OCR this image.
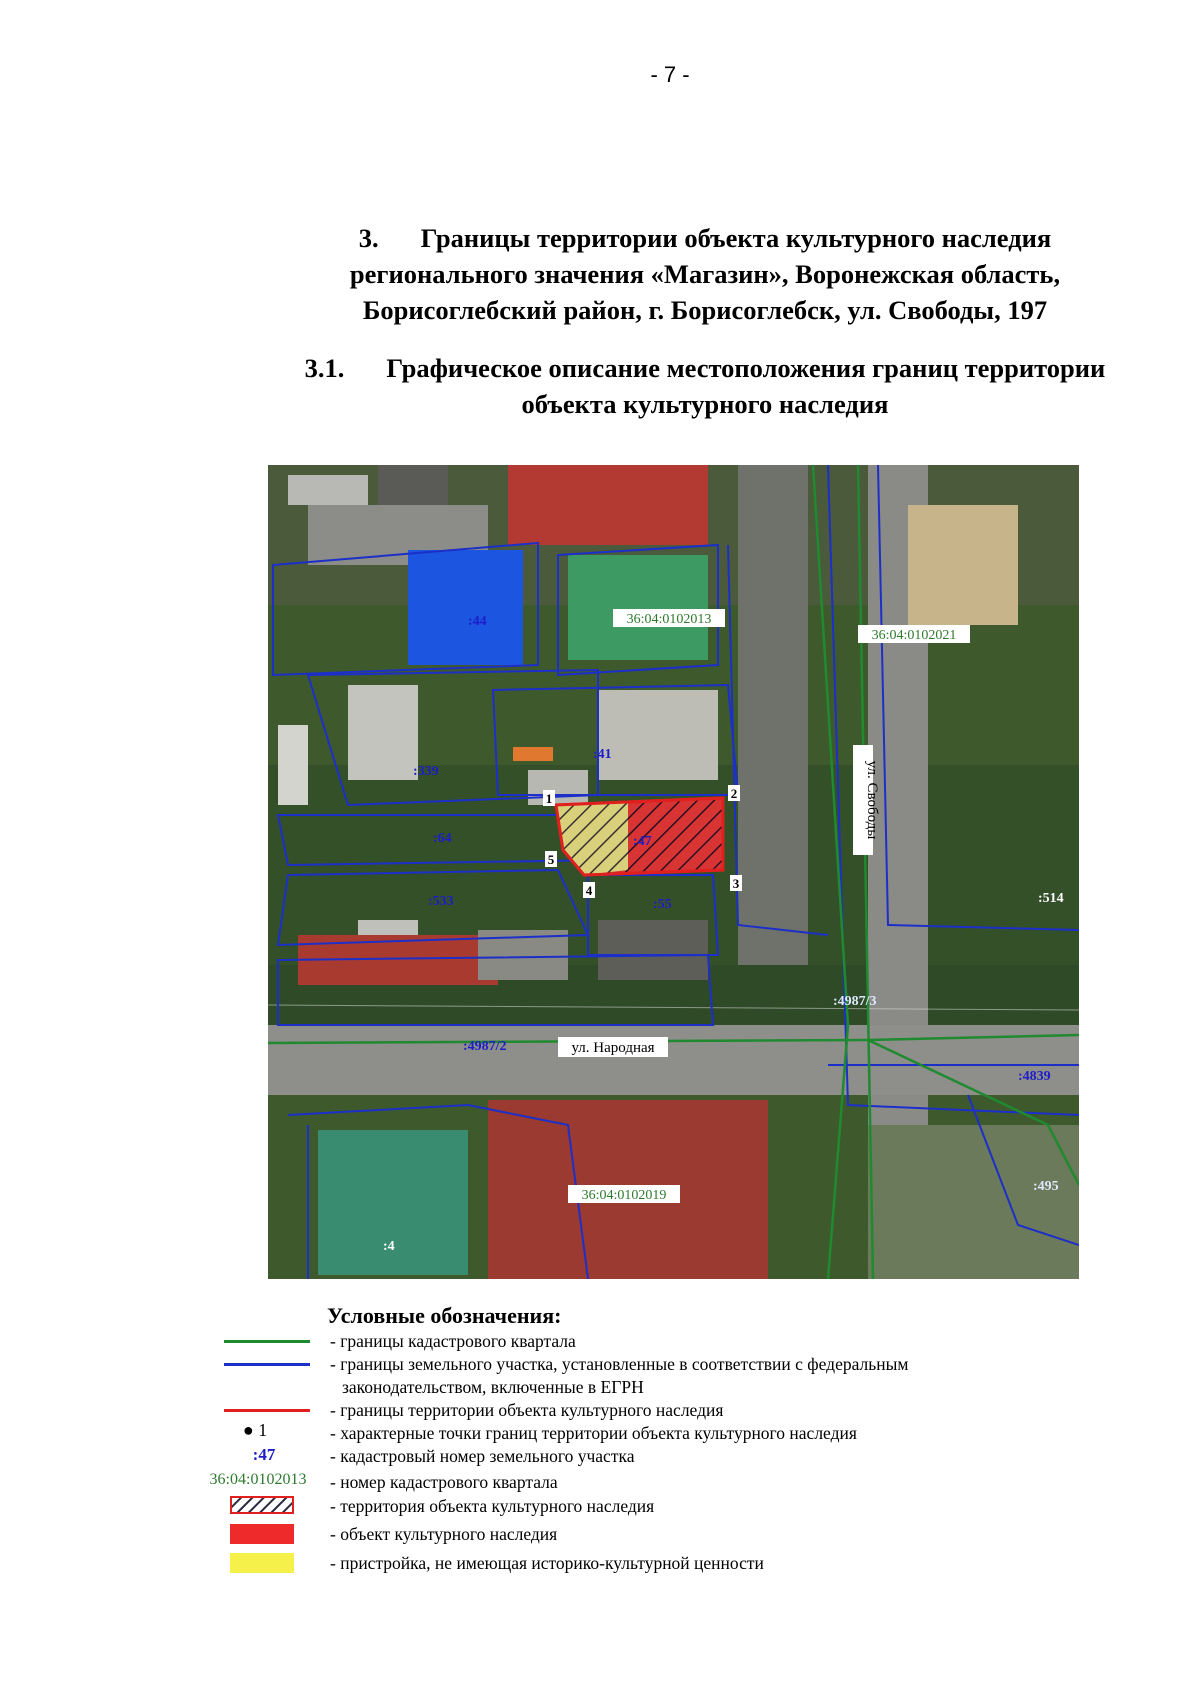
- 7 -
3. Границы территории объекта культурного наследия
регионального значения «Магазин», Воронежская область,
Борисоглебский район, г. Борисоглебск, ул. Свободы, 197
3.1. Графическое описание местоположения границ территории
объекта культурного наследия
1	2
3
4
5
:44
:339
:41
:64	:47
:533	:55	:514
:4987/3
:4987/2
:4839
:495
:4
36:04:0102013
36:04:0102021
36:04:0102019
ул. Народная
ул. Свободы
Условные обозначения:
- границы кадастрового квартала
- границы земельного участка, установленные в соответствии с федеральным
законодательством, включенные в ЕГРН
- границы территории объекта культурного наследия
● 1	- характерные точки границ территории объекта культурного наследия
:47	- кадастровый номер земельного участка
36:04:0102013	- номер кадастрового квартала
- территория объекта культурного наследия
- объект культурного наследия
- пристройка, не имеющая историко-культурной ценности
